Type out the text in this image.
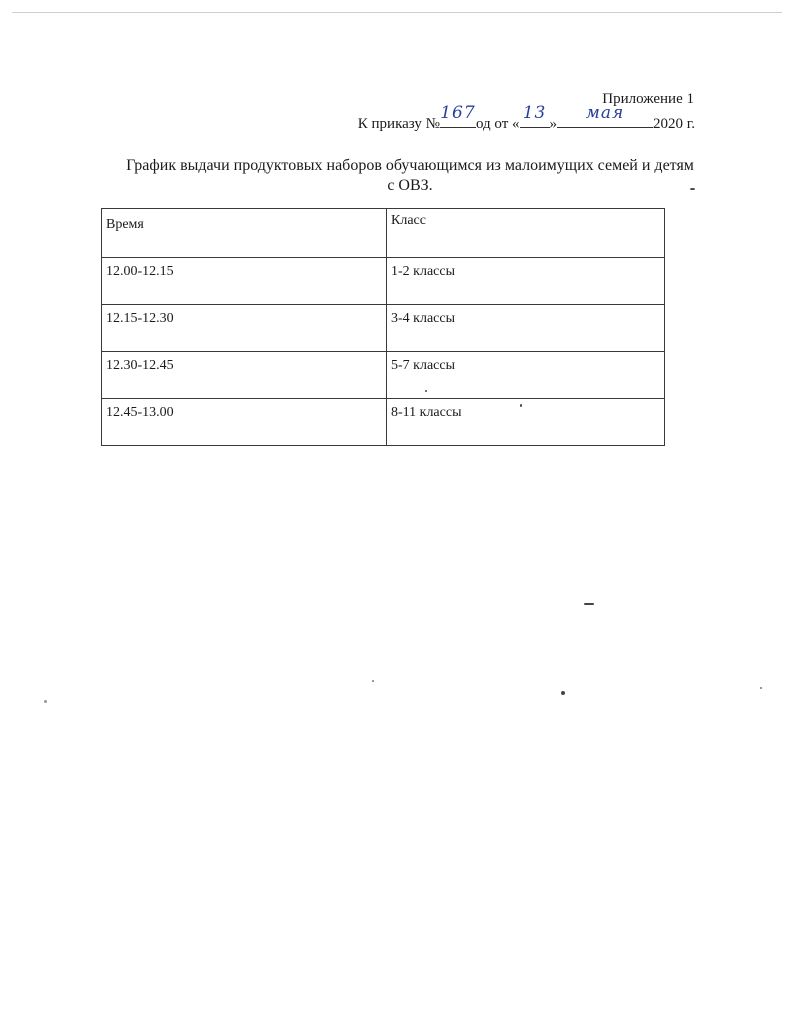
Приложение 1
К приказу №
167
од от «
13
»
мая
2020 г.
График выдачи продуктовых наборов обучающимся из малоимущих семей и детям
с ОВЗ.
Время	Класс
12.00-12.15	1-2 классы
12.15-12.30	3-4 классы
12.30-12.45	5-7 классы
12.45-13.00	8-11 классы
